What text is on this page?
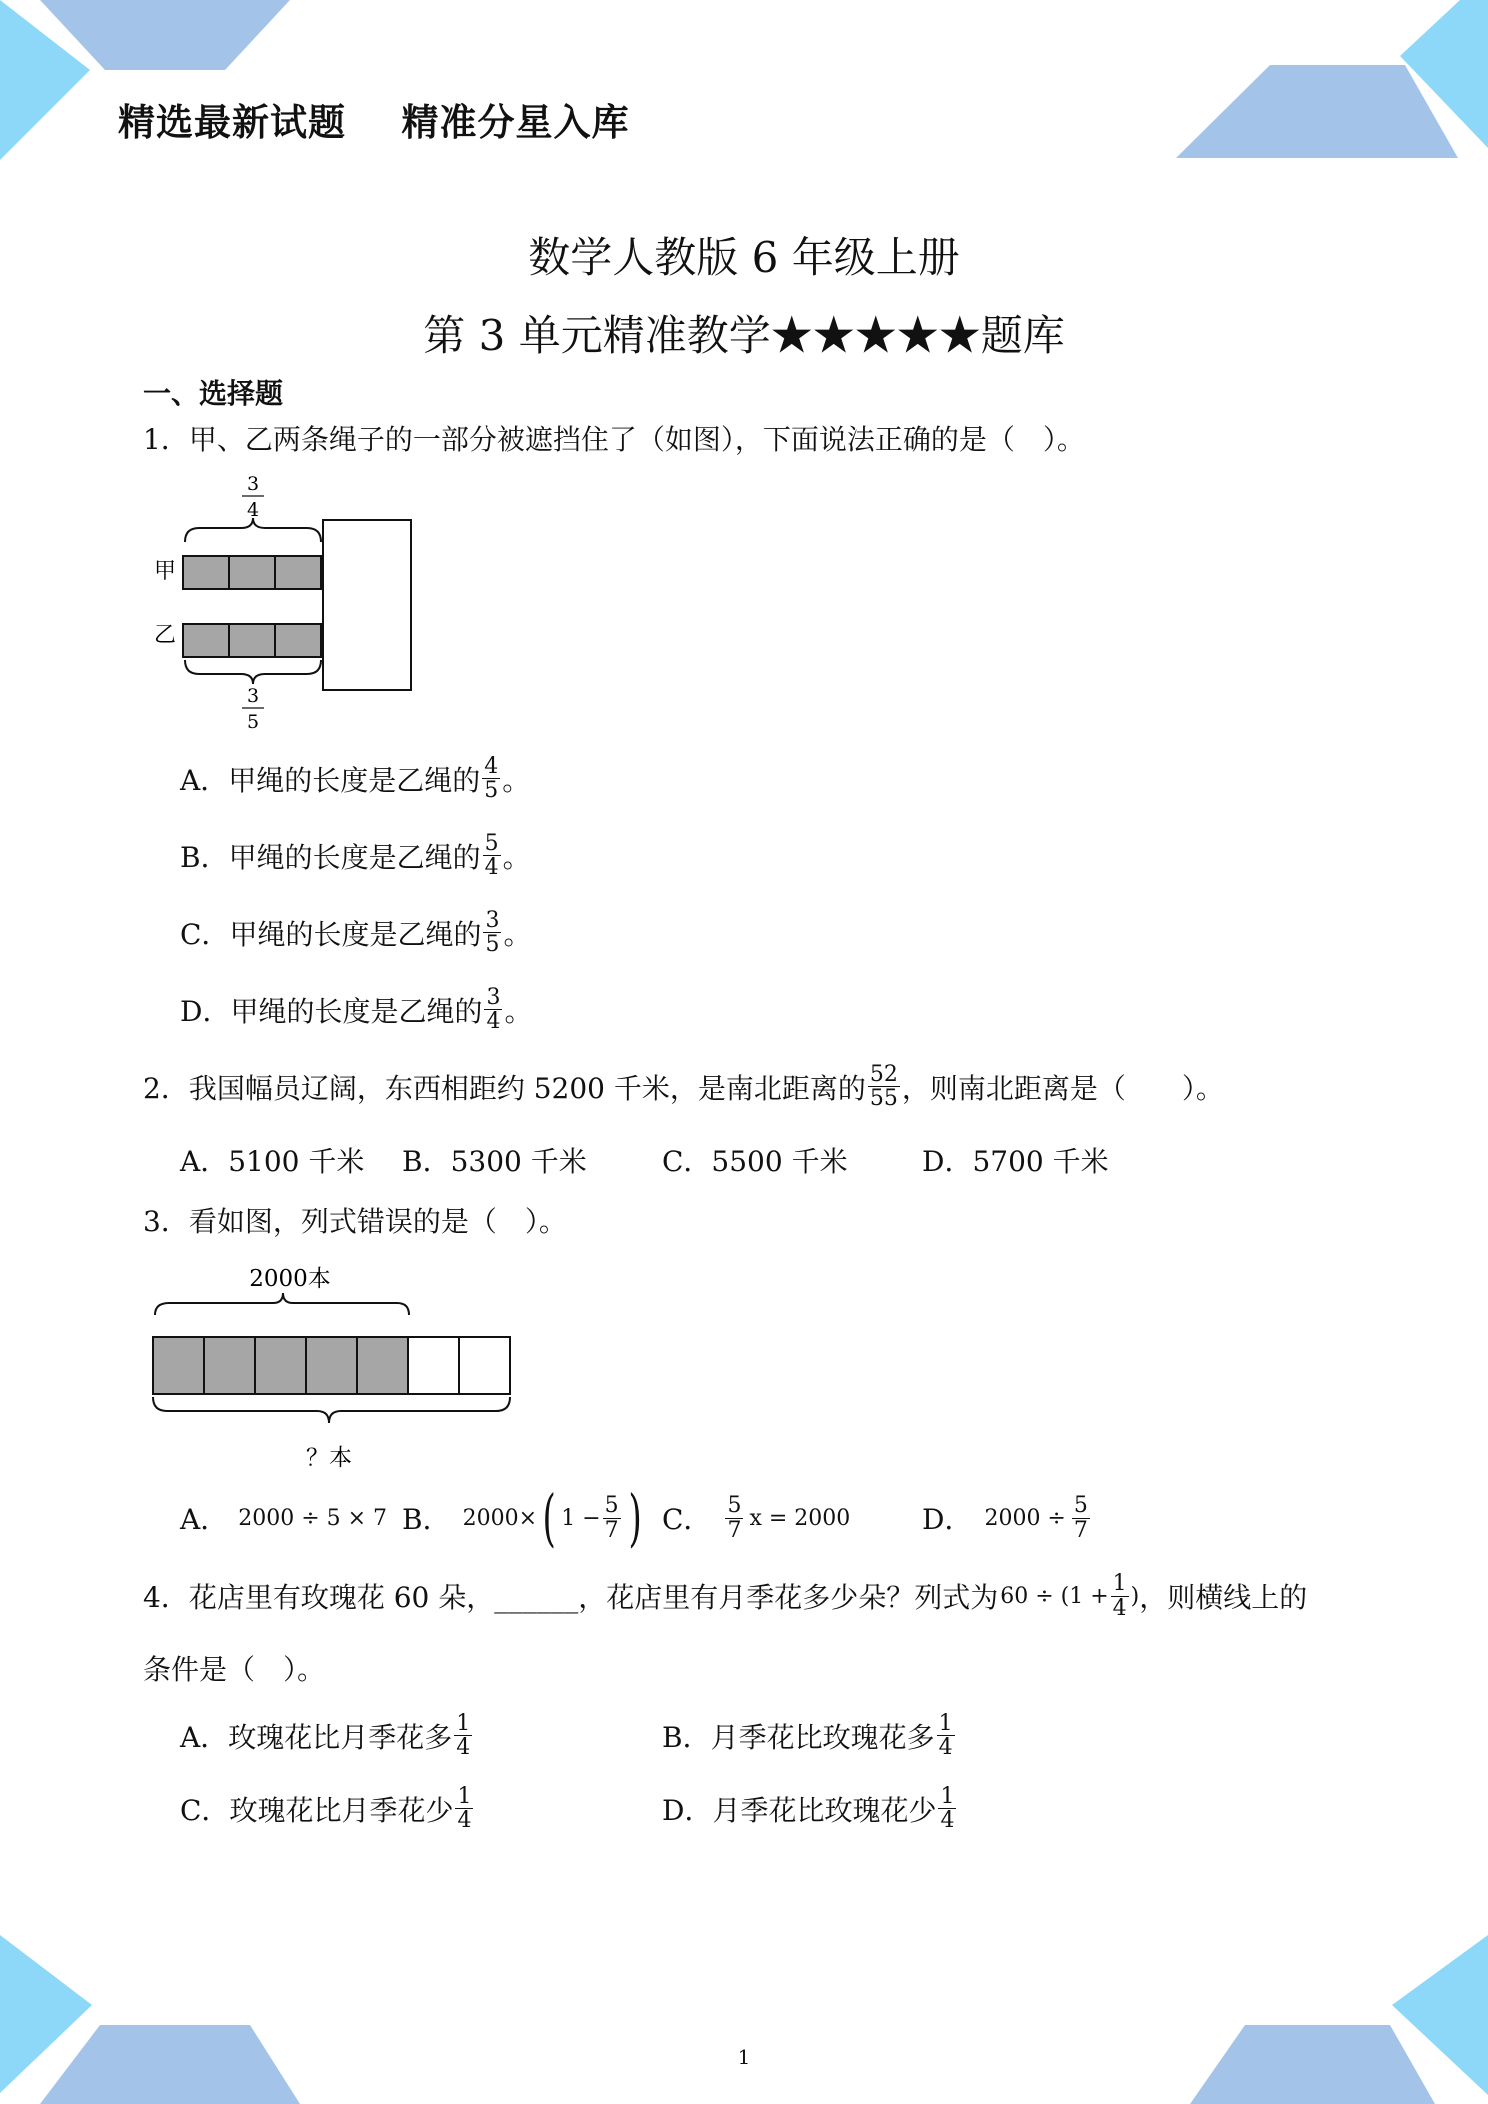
精选最新试题    精准分星入库
数学人教版 6 年级上册
第 3 单元精准教学★★★★★题库
一、选择题
1．甲、乙两条绳子的一部分被遮挡住了（如图），下面说法正确的是（　）。
3
4
甲
乙
3
5
A． 甲绳的长度是乙绳的 $\frac{4}{5}$ 。
B． 甲绳的长度是乙绳的 $\frac{5}{4}$ 。
C． 甲绳的长度是乙绳的 $\frac{3}{5}$ 。
D． 甲绳的长度是乙绳的 $\frac{3}{4}$ 。
2．我国幅员辽阔，东西相距约 5200 千米，是南北距离的 $\frac{52}{55}$ ，则南北距离是（　　）。
A．5100 千米 B．5300 千米	C．5500 千米	D．5700 千米
3．看如图，列式错误的是（　）。
2000本
？本
A． 2000 ÷ 5 × 7 B． 2000× ( $1 - \frac{5}{7}$ ) C． $\frac{5}{7}$ x = 2000	D． $2000 \div \frac{5}{7}$
4．花店里有玫瑰花 60 朵，______，花店里有月季花多少朵？列式为 $60 \div (1 + \frac{1}{4}$ ) ，则横线上的
条件是（　）。
A． 玫瑰花比月季花多 $\frac{1}{4}$	B． 月季花比玫瑰花多 $\frac{1}{4}$
C． 玫瑰花比月季花少 $\frac{1}{4}$	D． 月季花比玫瑰花少 $\frac{1}{4}$
1
